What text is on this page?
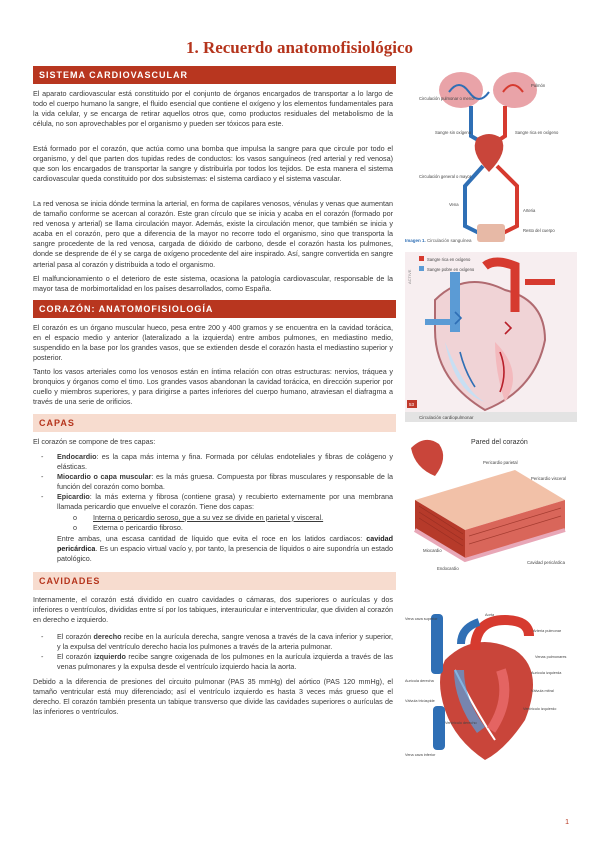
1. Recuerdo anatomofisiológico
SISTEMA CARDIOVASCULAR
El aparato cardiovascular está constituido por el conjunto de órganos encargados de transportar a lo largo de todo el cuerpo humano la sangre, el fluido esencial que contiene el oxígeno y los elementos fundamentales para la vida celular, y se encarga de retirar aquellos otros que, como productos residuales del metabolismo de la célula, no son aprovechables por el organismo y pueden ser tóxicos para este.
Está formado por el corazón, que actúa como una bomba que impulsa la sangre para que circule por todo el organismo, y del que parten dos tupidas redes de conductos: los vasos sanguíneos (red arterial y red venosa) que son los encargados de transportar la sangre y distribuirla por todos los tejidos. De esta manera el sistema cardiovascular queda constituido por dos subsistemas: el sistema cardiaco y el sistema vascular.
La red venosa se inicia dónde termina la arterial, en forma de capilares venosos, vénulas y venas que aumentan de tamaño conforme se acercan al corazón. Este gran círculo que se inicia y acaba en el corazón (formado por red venosa y arterial) se llama circulación mayor. Además, existe la circulación menor, que también se inicia y acaba en el corazón, pero que a diferencia de la mayor no recorre todo el organismo, sino que transporta la sangre procedente de la red venosa, cargada de dióxido de carbono, desde el corazón hasta los pulmones, donde se desprende de él y se carga de oxígeno procedente del aire inspirado. Así, sangre convertida en sangre arterial pasa al corazón y distribuida a todo el organismo.
El malfuncionamiento o el deterioro de este sistema, ocasiona la patología cardiovascular, responsable de la mayor tasa de morbimortalidad en los países desarrollados, como España.
CORAZÓN: ANATOMOFISIOLOGÍA
El corazón es un órgano muscular hueco, pesa entre 200 y 400 gramos y se encuentra en la cavidad torácica, en el espacio medio y anterior (lateralizado a la izquierda) entre ambos pulmones, en mediastino medio, suspendido en la base por los grandes vasos, que se extienden desde el corazón hasta el mediastino superior y posterior.
Tanto los vasos arteriales como los venosos están en íntima relación con otras estructuras: nervios, tráquea y bronquios y órganos como el timo. Los grandes vasos abandonan la cavidad torácica, en dirección superior por cuello y miembros superiores, y para dirigirse a partes inferiores del cuerpo humano, atraviesan el diafragma a través de una serie de orificios.
CAPAS
El corazón se compone de tres capas:
- Endocardio: es la capa más interna y fina. Formada por células endoteliales y fibras de colágeno y elásticas.
- Miocardio o capa muscular: es la más gruesa. Compuesta por fibras musculares y responsable de la función del corazón como bomba.
- Epicardio: la más externa y fibrosa (contiene grasa) y recubierto externamente por una membrana llamada pericardio que envuelve el corazón. Tiene dos capas:
o Interna o pericardio seroso, que a su vez se divide en parietal y visceral.
o Externa o pericardio fibroso.
Entre ambas, una escasa cantidad de líquido que evita el roce en los latidos cardiacos: cavidad pericárdica. Es un espacio virtual vacío y, por tanto, la presencia de líquidos o aire supondría un estado patológico.
CAVIDADES
Internamente, el corazón está dividido en cuatro cavidades o cámaras, dos superiores o aurículas y dos inferiores o ventrículos, divididas entre sí por los tabiques, interauricular e interventricular, que dividen al corazón en derecho e izquierdo.
- El corazón derecho recibe en la aurícula derecha, sangre venosa a través de la cava inferior y superior, y la expulsa del ventrículo derecho hacia los pulmones a través de la arteria pulmonar.
- El corazón izquierdo recibe sangre oxigenada de los pulmones en la aurícula izquierda a través de las venas pulmonares y la expulsa desde el ventrículo izquierdo hacia la aorta.
Debido a la diferencia de presiones del circuito pulmonar (PAS 35 mmHg) del aórtico (PAS 120 mmHg), el tamaño ventricular está muy diferenciado; así el ventrículo izquierdo es hasta 3 veces más grueso que el derecho. El corazón también presenta un tabique transverso que divide las cavidades superiores o aurículas de las inferiores o ventrículos.
Pulmón
Circulación pulmonar o menor
Sangre sin oxígeno	Sangre rica en oxígeno
Circulación general o mayor
Vena
Arteria
Resto del cuerpo
Imagen 1. Circulación sanguínea
Sangre rica en oxígeno
Sangre pobre en oxígeno
ACTIVE
53
Circulación cardiopulmonar
Pared del corazón
Pericardio parietal
Pericardio visceral
Miocardio
Endocardio
Cavidad pericárdica
Vena cava superior
Aorta
Arteria pulmonar
Venas pulmonares
Aurícula derecha
Aurícula izquierda
Válvula tricúspide
Válvula mitral
Ventrículo derecho
Ventrículo izquierdo
Vena cava inferior
1
